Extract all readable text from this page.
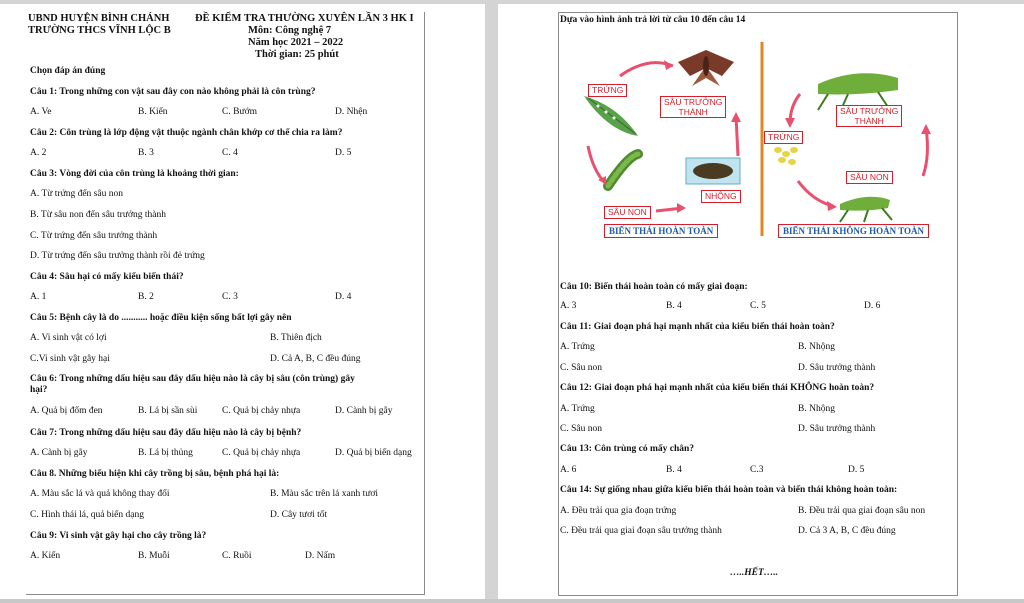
UBND HUYỆN BÌNH CHÁNH
TRƯỜNG THCS VĨNH LỘC B
ĐỀ KIỂM TRA THƯỜNG XUYÊN LẦN 3 HK I
Môn: Công nghệ 7
Năm học 2021 – 2022
Thời gian: 25 phút
Chọn đáp án đúng
Câu 1: Trong những con vật sau đây con nào không phải là côn trùng?
A. Ve	B. Kiến	C. Bướm	D. Nhện
Câu 2: Côn trùng là lớp động vật thuộc ngành chân khớp cơ thể chia ra làm?
A. 2	B. 3	C. 4	D. 5
Câu 3: Vòng đời của côn trùng là khoảng thời gian:
A. Từ trứng đến sâu non
B. Từ sâu non đến sâu trưởng thành
C. Từ trứng đến sâu trưởng thành
D. Từ trứng đến sâu trưởng thành rồi đẻ trứng
Câu 4: Sâu hại có mấy kiểu biến thái?
A. 1	B. 2	C. 3	D. 4
Câu 5: Bệnh cây là do ........... hoặc điều kiện sống bất lợi gây nên
A. Vi sinh vật có lợi	B. Thiên địch
C.Vi sinh vật gây hại	D. Cả A, B, C đều đúng
Câu 6: Trong những dấu hiệu sau đây dấu hiệu nào là cây bị sâu (côn trùng) gây
hại?
A. Quả bị đốm đen	B. Lá bị sần sùi	C. Quả bị chảy nhựa	D. Cành bị gãy
Câu 7: Trong những dấu hiệu sau đây dấu hiệu nào là cây bị bệnh?
A. Cành bị gãy	B. Lá bị thủng	C. Quả bị chảy nhựa	D. Quả bị biến dạng
Câu 8. Những biểu hiện khi cây trồng bị sâu, bệnh phá hại là:
A. Màu sắc lá và quả không thay đổi	B. Màu sắc trên lá xanh tươi
C. Hình thái lá, quả biến dạng	D. Cây tươi tốt
Câu 9: Vi sinh vật gây hại cho cây trồng là?
A. Kiến	B. Muỗi	C. Ruồi	D. Nấm
Dựa vào hình ảnh trả lời từ câu 10 đến câu 14
TRỨNG
SÂU TRƯỞNG
THÀNH
NHỘNG
SÂU NON
BIẾN THÁI HOÀN TOÀN
SÂU TRƯỞNG
THÀNH
TRỨNG
SÂU NON
BIẾN THÁI KHÔNG HOÀN TOÀN
Câu 10: Biến thái hoàn toàn có mấy giai đoạn:
A. 3	B. 4	C. 5	D. 6
Câu 11: Giai đoạn phá hại mạnh nhất của kiểu biến thái hoàn toàn?
A. Trứng	B. Nhộng
C. Sâu non	D. Sâu trưởng thành
Câu 12: Giai đoạn phá hại mạnh nhất của kiểu biến thái KHÔNG hoàn toàn?
A. Trứng	B. Nhộng
C. Sâu non	D. Sâu trưởng thành
Câu 13: Côn trùng có mấy chân?
A. 6	B. 4	C.3	D. 5
Câu 14: Sự giống nhau giữa kiểu biến thái hoàn toàn và biến thái không hoàn toàn:
A. Đều trải qua gia đoạn trứng	B. Đều trải qua giai đoạn sâu non
C. Đều trải qua giai đoạn sâu trưởng thành	D. Cả 3 A, B, C đều đúng
…..HẾT…..
